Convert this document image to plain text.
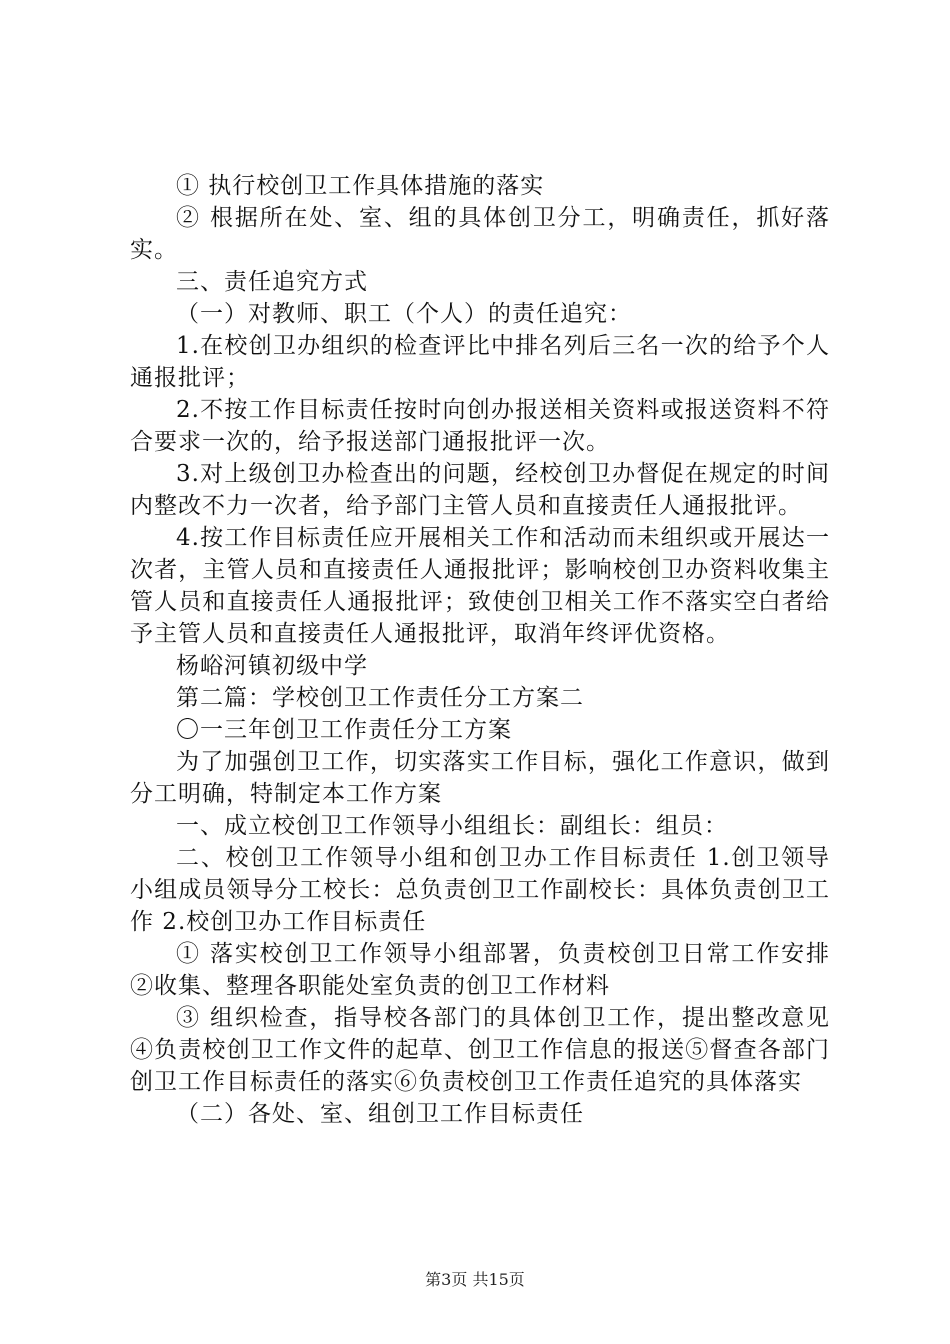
① 执行校创卫工作具体措施的落实

② 根据所在处、室、组的具体创卫分工，明确责任，抓好落实。

三、责任追究方式

（一）对教师、职工（个人）的责任追究：

1.在校创卫办组织的检查评比中排名列后三名一次的给予个人通报批评；

2.不按工作目标责任按时向创办报送相关资料或报送资料不符合要求一次的，给予报送部门通报批评一次。

3.对上级创卫办检查出的问题，经校创卫办督促在规定的时间内整改不力一次者，给予部门主管人员和直接责任人通报批评。

4.按工作目标责任应开展相关工作和活动而未组织或开展达一次者，主管人员和直接责任人通报批评；影响校创卫办资料收集主管人员和直接责任人通报批评；致使创卫相关工作不落实空白者给予主管人员和直接责任人通报批评，取消年终评优资格。

杨峪河镇初级中学

第二篇：学校创卫工作责任分工方案二

〇一三年创卫工作责任分工方案

为了加强创卫工作，切实落实工作目标，强化工作意识，做到分工明确，特制定本工作方案

一、成立校创卫工作领导小组组长：副组长：组员：

二、校创卫工作领导小组和创卫办工作目标责任 1.创卫领导小组成员领导分工校长：总负责创卫工作副校长：具体负责创卫工作 2.校创卫办工作目标责任

① 落实校创卫工作领导小组部署，负责校创卫日常工作安排②收集、整理各职能处室负责的创卫工作材料

③ 组织检查，指导校各部门的具体创卫工作，提出整改意见④负责校创卫工作文件的起草、创卫工作信息的报送⑤督查各部门创卫工作目标责任的落实⑥负责校创卫工作责任追究的具体落实

（二）各处、室、组创卫工作目标责任

第3页 共15页
